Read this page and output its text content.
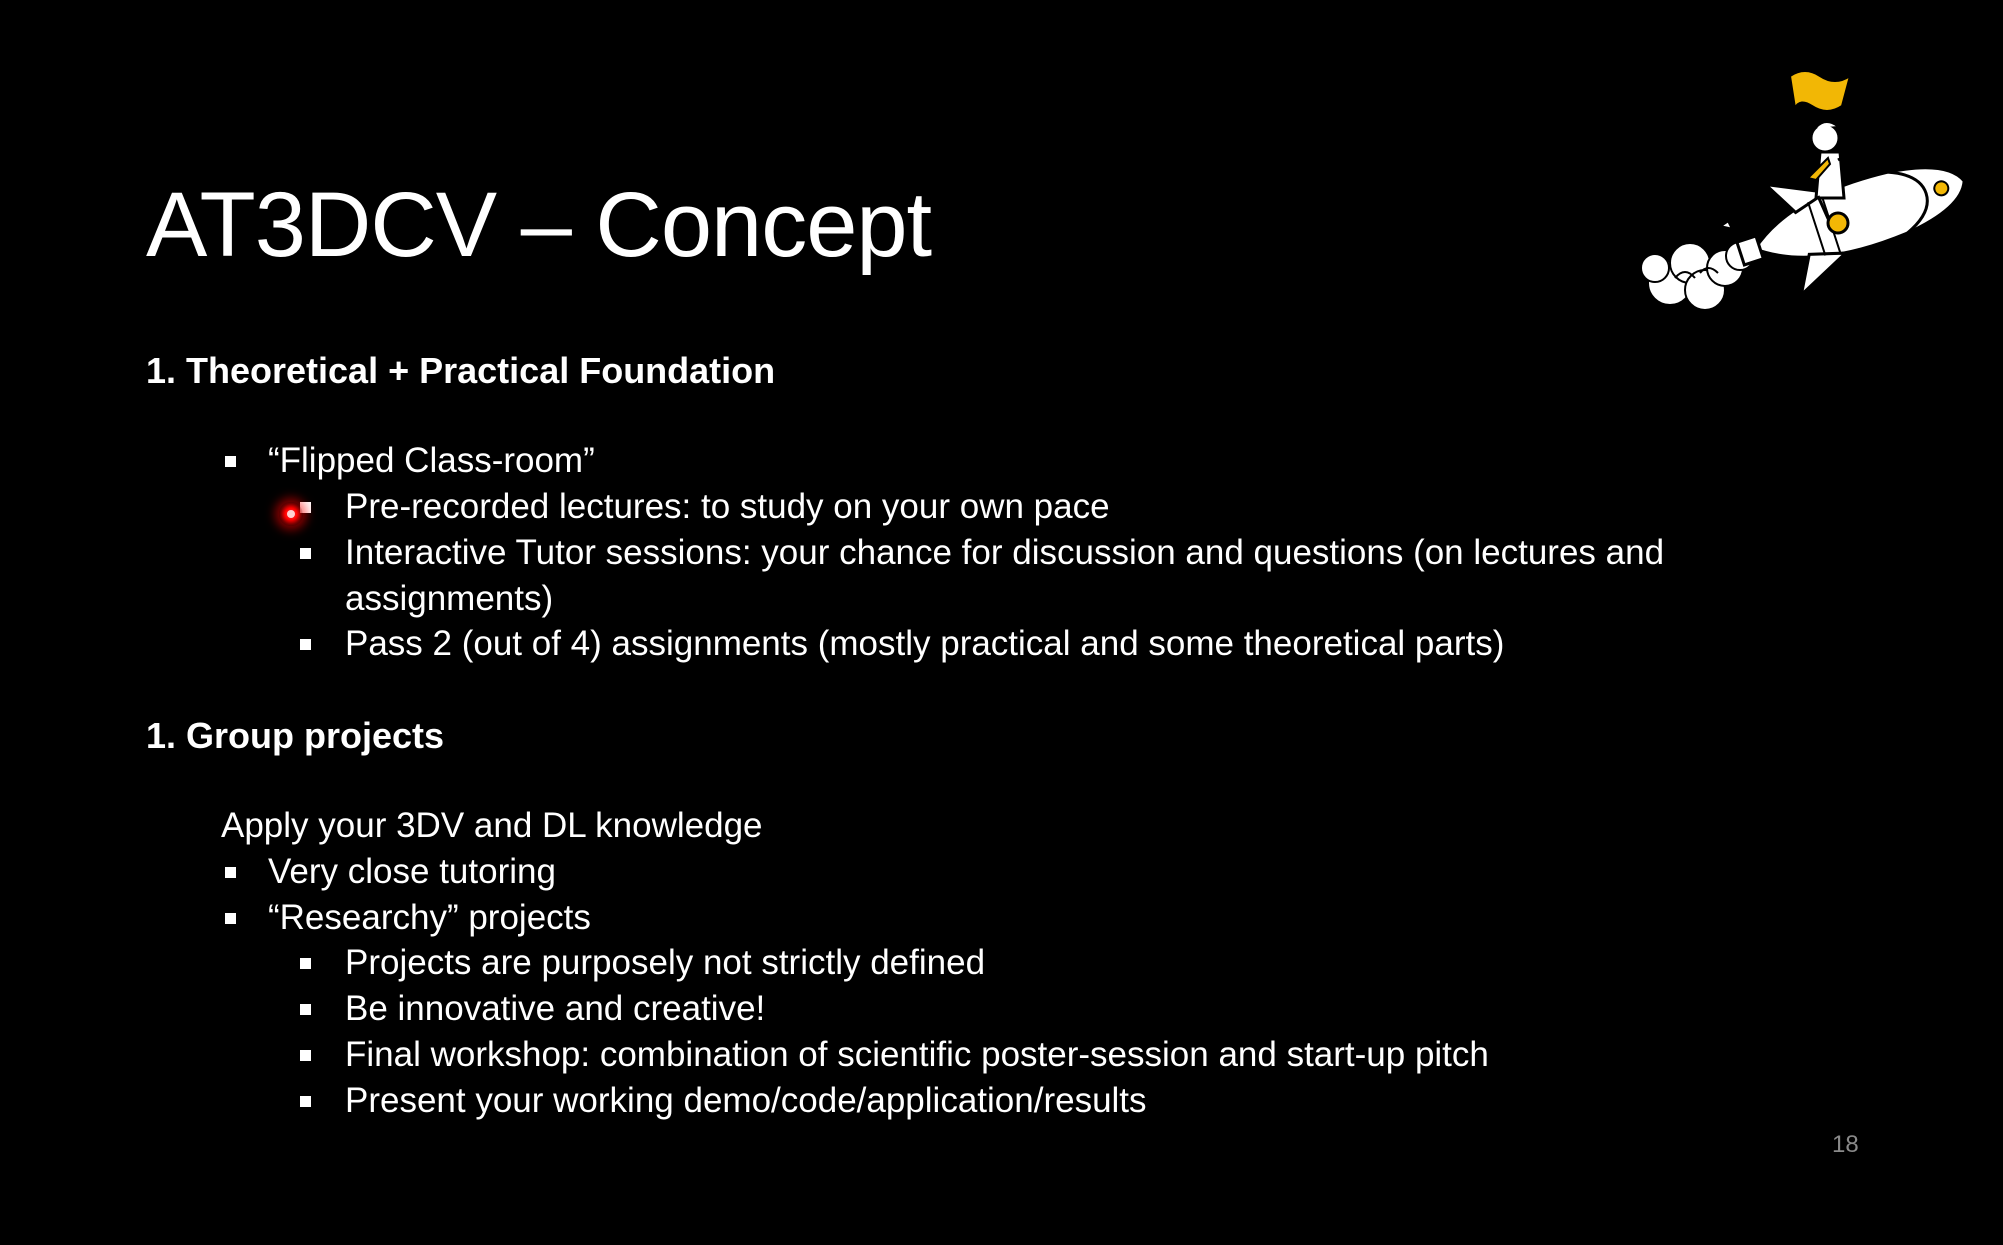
AT3DCV – Concept
1. Theoretical + Practical Foundation
“Flipped Class-room”
Pre-recorded lectures: to study on your own pace
Interactive Tutor sessions: your chance for discussion and questions (on lectures and
assignments)
Pass 2 (out of 4) assignments (mostly practical and some theoretical parts)
1. Group projects
Apply your 3DV and DL knowledge
Very close tutoring
“Researchy” projects
Projects are purposely not strictly defined
Be innovative and creative!
Final workshop: combination of scientific poster-session and start-up pitch
Present your working demo/code/application/results
18
